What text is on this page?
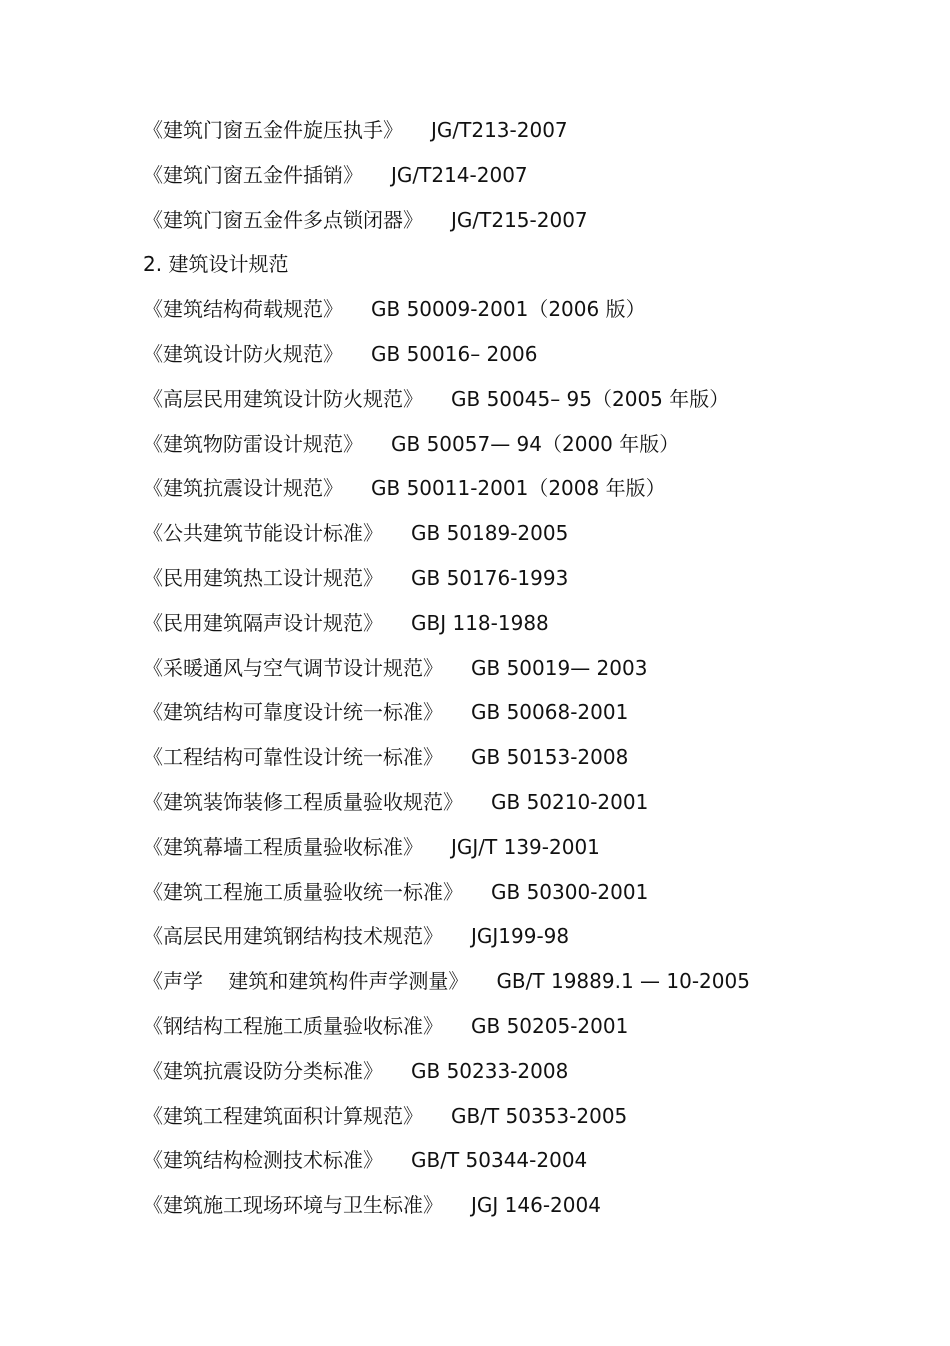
《建筑门窗五金件旋压执手》 JG/T213-2007
《建筑门窗五金件插销》 JG/T214-2007
《建筑门窗五金件多点锁闭器》 JG/T215-2007
2. 建筑设计规范
《建筑结构荷载规范》 GB 50009-2001（2006 版）
《建筑设计防火规范》 GB 50016– 2006
《高层民用建筑设计防火规范》 GB 50045– 95（2005 年版）
《建筑物防雷设计规范》 GB 50057— 94（2000 年版）
《建筑抗震设计规范》 GB 50011-2001（2008 年版）
《公共建筑节能设计标准》 GB 50189-2005
《民用建筑热工设计规范》 GB 50176-1993
《民用建筑隔声设计规范》 GBJ 118-1988
《采暖通风与空气调节设计规范》 GB 50019— 2003
《建筑结构可靠度设计统一标准》 GB 50068-2001
《工程结构可靠性设计统一标准》 GB 50153-2008
《建筑装饰装修工程质量验收规范》 GB 50210-2001
《建筑幕墙工程质量验收标准》 JGJ/T 139-2001
《建筑工程施工质量验收统一标准》 GB 50300-2001
《高层民用建筑钢结构技术规范》 JGJ199-98
《声学    建筑和建筑构件声学测量》 GB/T 19889.1 — 10-2005
《钢结构工程施工质量验收标准》 GB 50205-2001
《建筑抗震设防分类标准》 GB 50233-2008
《建筑工程建筑面积计算规范》 GB/T 50353-2005
《建筑结构检测技术标准》 GB/T 50344-2004
《建筑施工现场环境与卫生标准》 JGJ 146-2004
